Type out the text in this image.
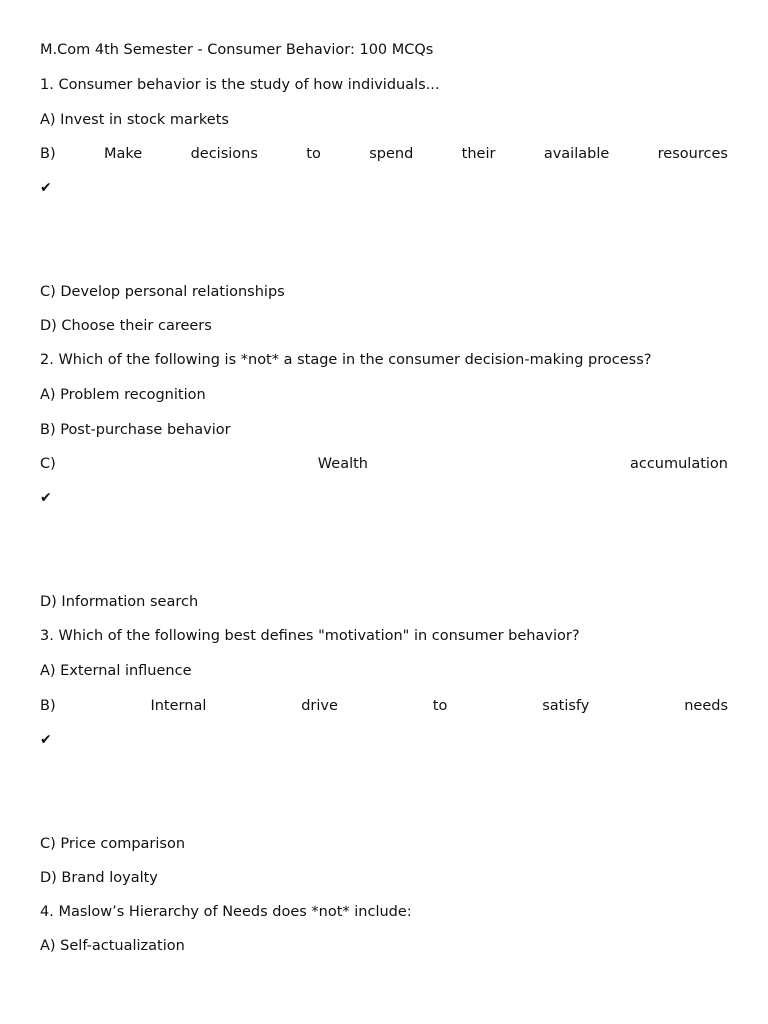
M.Com 4th Semester - Consumer Behavior: 100 MCQs
1. Consumer behavior is the study of how individuals...
A) Invest in stock markets
B)	Make	decisions	to	spend	their	available	resources
✔
C) Develop personal relationships
D) Choose their careers
2. Which of the following is *not* a stage in the consumer decision-making process?
A) Problem recognition
B) Post-purchase behavior
C)	Wealth	accumulation
✔
D) Information search
3. Which of the following best defines "motivation" in consumer behavior?
A) External influence
B)	Internal	drive	to	satisfy	needs
✔
C) Price comparison
D) Brand loyalty
4. Maslow’s Hierarchy of Needs does *not* include:
A) Self-actualization
